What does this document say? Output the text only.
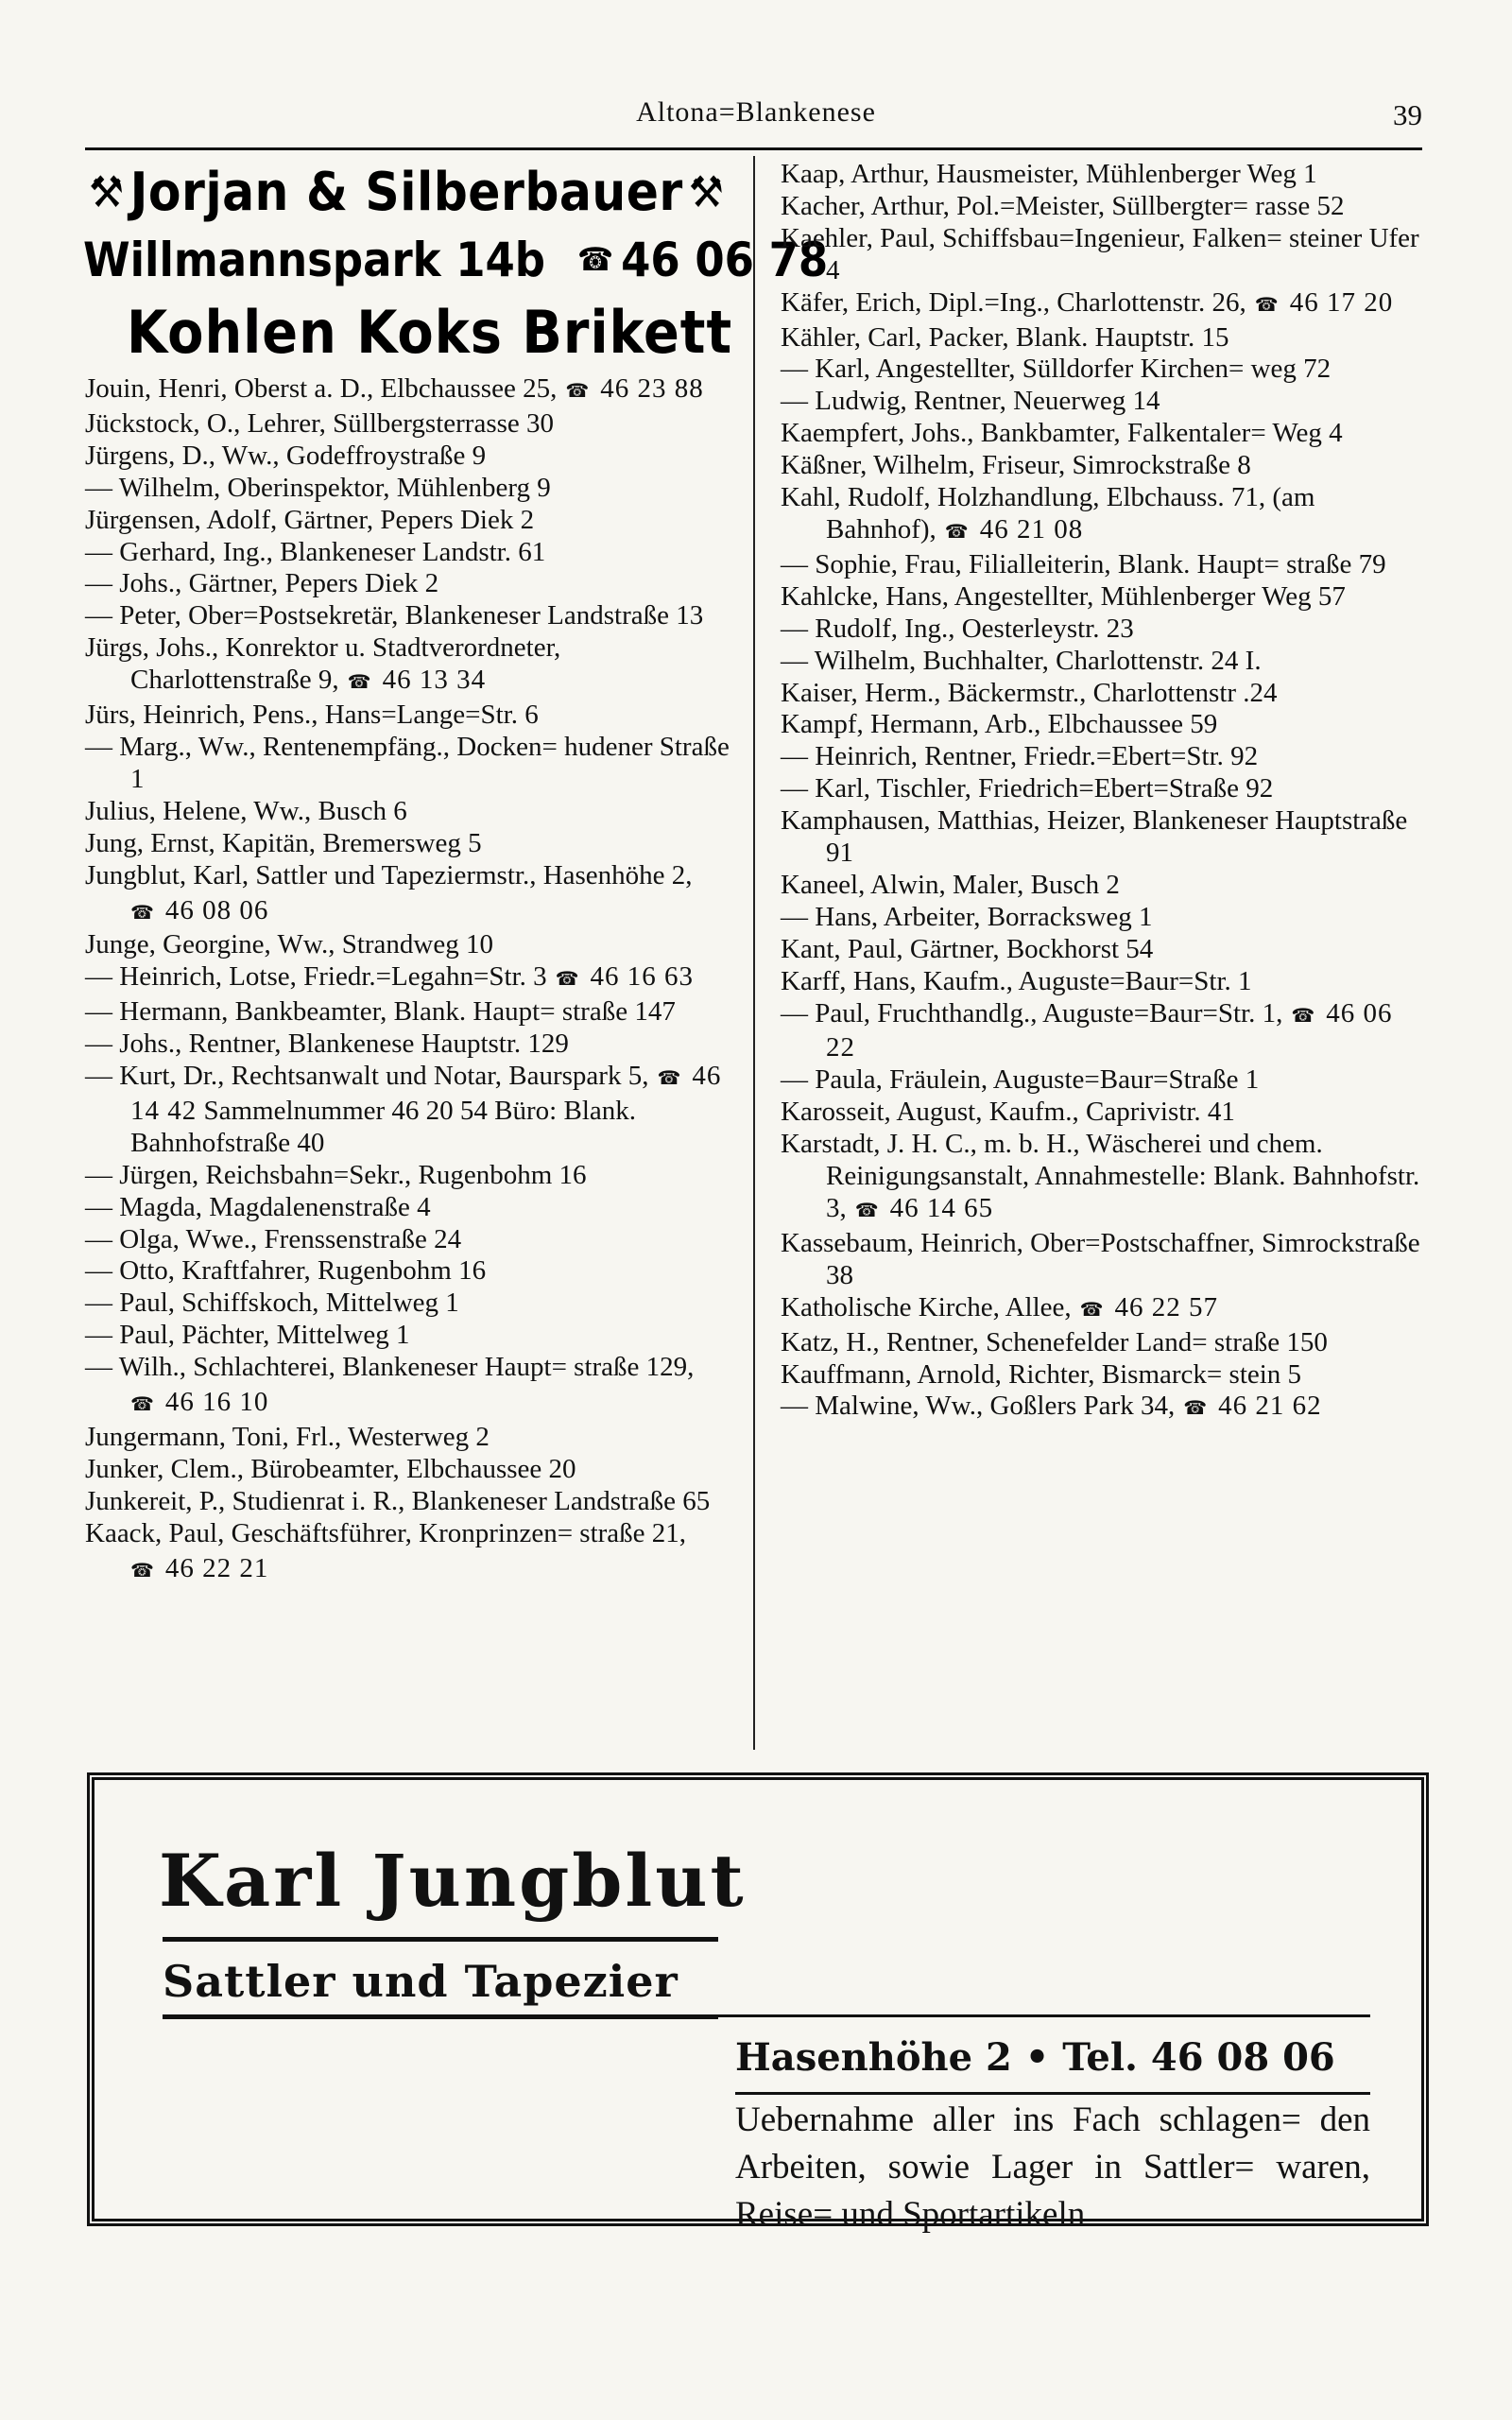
Altona=Blankenese	39
⚒ Jorjan & Silberbauer ⚒
Willmannspark 14b ☎ 46 06 78
Kohlen Koks Brikett
Jouin, Henri, Oberst a. D., Elbchaussee 25, ☎ 46 23 88
Jückstock, O., Lehrer, Süllbergsterrasse 30
Jürgens, D., Ww., Godeffroystraße 9
— Wilhelm, Oberinspektor, Mühlenberg 9
Jürgensen, Adolf, Gärtner, Pepers Diek 2
— Gerhard, Ing., Blankeneser Landstr. 61
— Johs., Gärtner, Pepers Diek 2
— Peter, Ober=Postsekretär, Blankeneser Landstraße 13
Jürgs, Johs., Konrektor u. Stadtverordneter, Charlottenstraße 9, ☎ 46 13 34
Jürs, Heinrich, Pens., Hans=Lange=Str. 6
— Marg., Ww., Rentenempfäng., Docken= hudener Straße 1
Julius, Helene, Ww., Busch 6
Jung, Ernst, Kapitän, Bremersweg 5
Jungblut, Karl, Sattler und Tapeziermstr., Hasenhöhe 2, ☎ 46 08 06
Junge, Georgine, Ww., Strandweg 10
— Heinrich, Lotse, Friedr.=Legahn=Str. 3 ☎ 46 16 63
— Hermann, Bankbeamter, Blank. Haupt= straße 147
— Johs., Rentner, Blankenese Hauptstr. 129
— Kurt, Dr., Rechtsanwalt und Notar, Baurspark 5, ☎ 46 14 42 Sammelnummer 46 20 54 Büro: Blank. Bahnhofstraße 40
— Jürgen, Reichsbahn=Sekr., Rugenbohm 16
— Magda, Magdalenenstraße 4
— Olga, Wwe., Frenssenstraße 24
— Otto, Kraftfahrer, Rugenbohm 16
— Paul, Schiffskoch, Mittelweg 1
— Paul, Pächter, Mittelweg 1
— Wilh., Schlachterei, Blankeneser Haupt= straße 129, ☎ 46 16 10
Jungermann, Toni, Frl., Westerweg 2
Junker, Clem., Bürobeamter, Elbchaussee 20
Junkereit, P., Studienrat i. R., Blankeneser Landstraße 65
Kaack, Paul, Geschäftsführer, Kronprinzen= straße 21, ☎ 46 22 21
Kaap, Arthur, Hausmeister, Mühlenberger Weg 1
Kacher, Arthur, Pol.=Meister, Süllbergter= rasse 52
Kaehler, Paul, Schiffsbau=Ingenieur, Falken= steiner Ufer 4
Käfer, Erich, Dipl.=Ing., Charlottenstr. 26, ☎ 46 17 20
Kähler, Carl, Packer, Blank. Hauptstr. 15
— Karl, Angestellter, Sülldorfer Kirchen= weg 72
— Ludwig, Rentner, Neuerweg 14
Kaempfert, Johs., Bankbamter, Falkentaler= Weg 4
Käßner, Wilhelm, Friseur, Simrockstraße 8
Kahl, Rudolf, Holzhandlung, Elbchauss. 71, (am Bahnhof), ☎ 46 21 08
— Sophie, Frau, Filialleiterin, Blank. Haupt= straße 79
Kahlcke, Hans, Angestellter, Mühlenberger Weg 57
— Rudolf, Ing., Oesterleystr. 23
— Wilhelm, Buchhalter, Charlottenstr. 24 I.
Kaiser, Herm., Bäckermstr., Charlottenstr .24
Kampf, Hermann, Arb., Elbchaussee 59
— Heinrich, Rentner, Friedr.=Ebert=Str. 92
— Karl, Tischler, Friedrich=Ebert=Straße 92
Kamphausen, Matthias, Heizer, Blankeneser Hauptstraße 91
Kaneel, Alwin, Maler, Busch 2
— Hans, Arbeiter, Borracksweg 1
Kant, Paul, Gärtner, Bockhorst 54
Karff, Hans, Kaufm., Auguste=Baur=Str. 1
— Paul, Fruchthandlg., Auguste=Baur=Str. 1, ☎ 46 06 22
— Paula, Fräulein, Auguste=Baur=Straße 1
Karosseit, August, Kaufm., Caprivistr. 41
Karstadt, J. H. C., m. b. H., Wäscherei und chem. Reinigungsanstalt, Annahmestelle: Blank. Bahnhofstr. 3, ☎ 46 14 65
Kassebaum, Heinrich, Ober=Postschaffner, Simrockstraße 38
Katholische Kirche, Allee, ☎ 46 22 57
Katz, H., Rentner, Schenefelder Land= straße 150
Kauffmann, Arnold, Richter, Bismarck= stein 5
— Malwine, Ww., Goßlers Park 34, ☎ 46 21 62
Karl Jungblut
Sattler und Tapezier
Hasenhöhe 2 • Tel. 46 08 06
Uebernahme aller ins Fach schlagen= den Arbeiten, sowie Lager in Sattler= waren, Reise= und Sportartikeln
